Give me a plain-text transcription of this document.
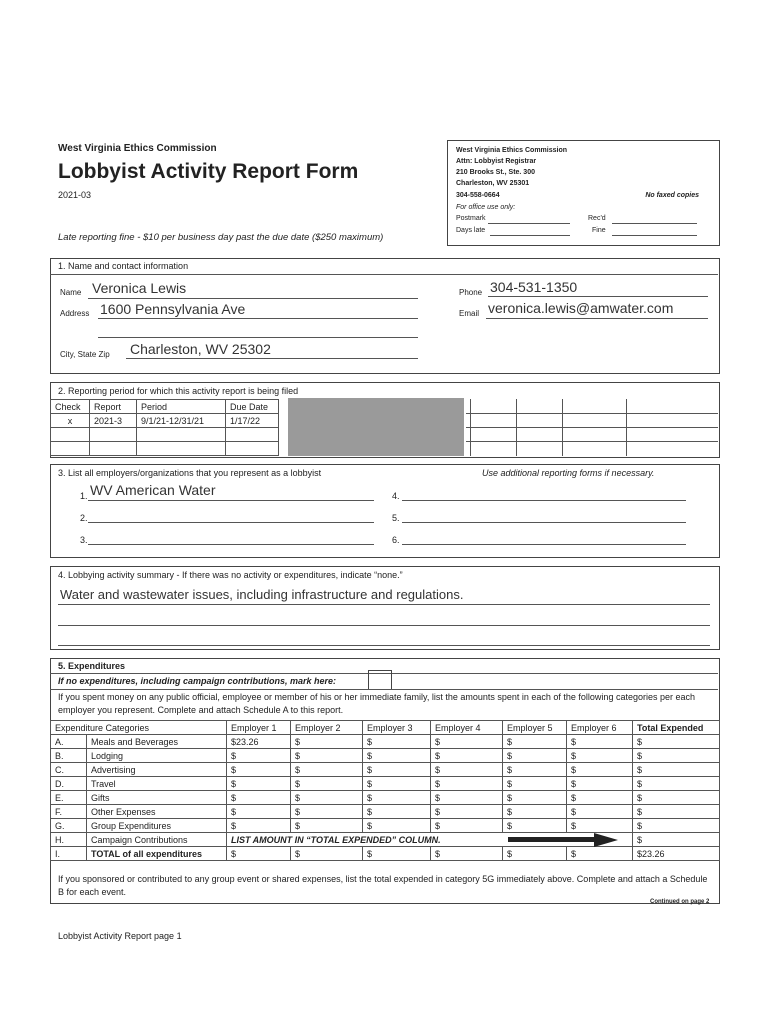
West Virginia Ethics Commission
Lobbyist Activity Report Form
2021-03
Late reporting fine - $10 per business day past the due date ($250 maximum)
West Virginia Ethics Commission
Attn: Lobbyist Registrar
210 Brooks St., Ste. 300
Charleston, WV 25301
304-558-0664	No faxed copies
For office use only:
Postmark	Rec'd
Days late	Fine
1. Name and contact information
Name Veronica Lewis
Address 1600 Pennsylvania Ave
City, State Zip Charleston, WV 25302
Phone 304-531-1350
Email veronica.lewis@amwater.com
2. Reporting period for which this activity report is being filed
Check	Report	Period	Due Date
x	2021-3	9/1/21-12/31/21	1/17/22

3. List all employers/organizations that you represent as a lobbyist	Use additional reporting forms if necessary.
1. WV American Water
2.
3.
4.
5.
6.
4. Lobbying activity summary - If there was no activity or expenditures, indicate “none.”
Water and wastewater issues, including infrastructure and regulations.
5. Expenditures
If no expenditures, including campaign contributions, mark here:
If you spent money on any public official, employee or member of his or her immediate family, list the amounts spent in each of the following categories per each employer you represent. Complete and attach Schedule A to this report.
Expenditure Categories		Employer 1	Employer 2	Employer 3	Employer 4	Employer 5	Employer 6	Total Expended
A.	Meals and Beverages	$23.26	$	$	$	$	$	$
B.	Lodging	$	$	$	$	$	$	$
C.	Advertising	$	$	$	$	$	$	$
D.	Travel	$	$	$	$	$	$	$
E.	Gifts	$	$	$	$	$	$	$
F.	Other Expenses	$	$	$	$	$	$	$
G.	Group Expenditures	$	$	$	$	$	$	$
H.	Campaign Contributions	LIST AMOUNT IN “TOTAL EXPENDED” COLUMN.						$
I.	TOTAL of all expenditures	$	$	$	$	$	$	$23.26
If you sponsored or contributed to any group event or shared expenses, list the total expended in category 5G immediately above. Complete and attach a Schedule B for each event.
Continued on page 2
Lobbyist Activity Report page 1
